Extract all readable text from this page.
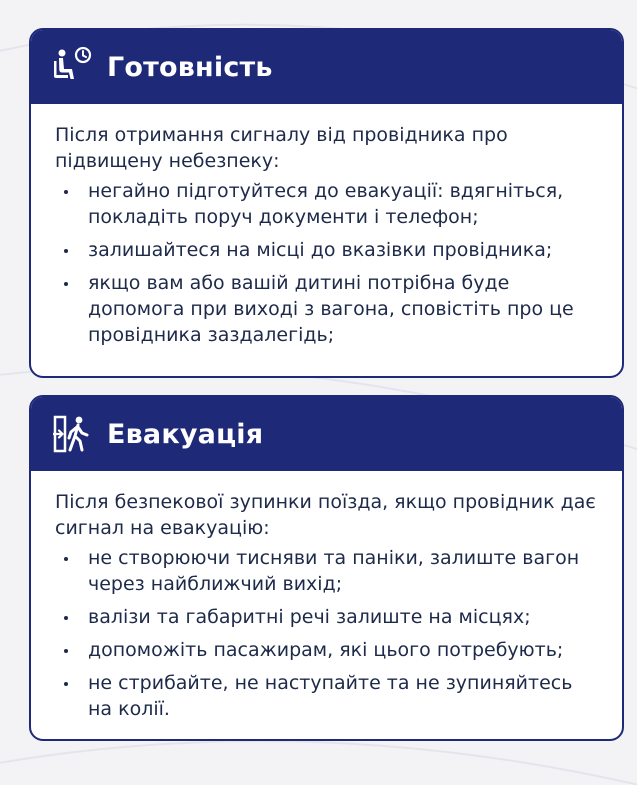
Готовність

Після отримання сигналу від провідника про підвищену небезпеку:

негайно підготуйтеся до евакуації: вдягніться, покладіть поруч документи і телефон;
залишайтеся на місці до вказівки провідника;
якщо вам або вашій дитині потрібна буде допомога при виході з вагона, сповістіть про це провідника заздалегідь;
Евакуація

Після безпекової зупинки поїзда, якщо провідник дає сигнал на евакуацію:

не створюючи тисняви та паніки, залиште вагон через найближчий вихід;
валізи та габаритні речі залиште на місцях;
допоможіть пасажирам, які цього потребують;
не стрибайте, не наступайте та не зупиняйтесь на колії.
